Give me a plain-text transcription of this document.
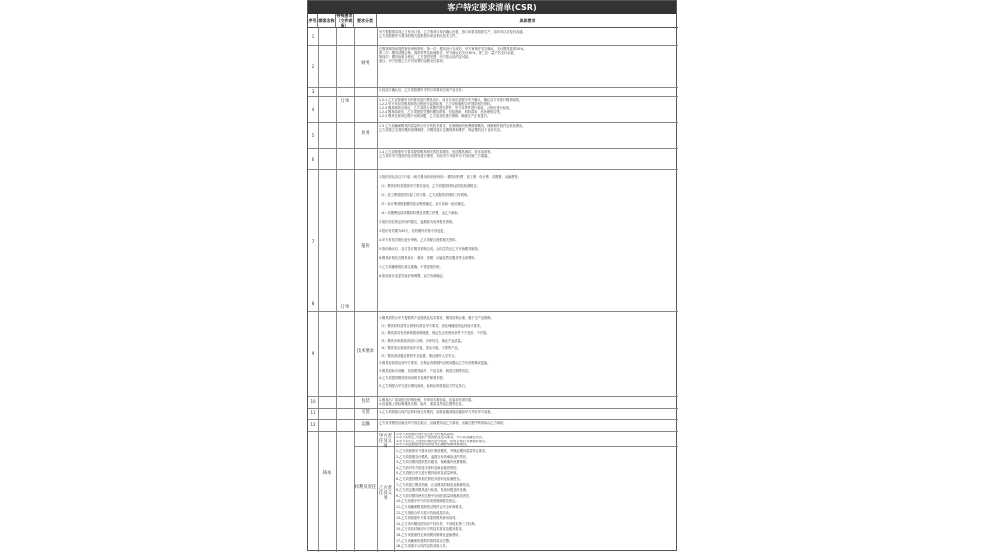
客户特定要求清单(CSR)
序号 顾客名称
特殊要求（文件或条）
要求分类	具体要求
1
2
3
4
5
6
7
8
9
10
11
12
订单
财务
业务
报价
订单
技术要求
包装
交货
运输
铸本
权利及责任
甲方责任及义务
乙方责任及义务
甲方根据需求向乙方发出订单，乙方收到订单后确认回复，按订单要求组织生产，如有异议应及时沟通。
乙方须按照甲方要求的格式提供报价单及相关技术文件。
在模具制造前提供报价审核资料，第一次：模具设计完成后，甲方审核并签字确认，支付模具款的30%。
第二次：模具试模合格，提供样件及检测报告，甲方确认后支付30%。第三次：量产后支付余款。
第四次：模具验收合格后，乙方提供发票，甲方按合同约定付款。
备注：甲方依据乙方开具发票的金额支付款项。
1.经双方确认后，乙方须按照甲方的订单要求完成产品交付。
1.2.1 乙方应按照甲方的要求进行模具设计，设计完成后须提交甲方确认，确认后方可进行模具制造。
1.2.2 甲方有权对模具制造过程进行监督检查，乙方应积极配合并提供相关资料。
1.2.3 模具制造完成后，乙方须进行试模并提交样件，甲方对样件进行检验，合格后进行验收。
1.2.4 模具验收后，乙方须提供完整的模具资料，包括图纸、材料清单、热处理报告等。
1.2.5 模具在使用过程中出现问题，乙方须及时进行维修，确保生产正常进行。
1.3 乙方须确保模具的质量符合甲方的技术要求，在保修期内免费维修模具，保修期外按约定收取费用。
乙方须建立完善的模具管理制度，对模具进行定期保养和维护，保证模具处于良好状态。
1.4 乙方须按照甲方要求提供模具相关的技术服务，包括模具调试、技术培训等。
乙方须对甲方提供的技术资料进行保密，未经甲方书面许可不得向第三方泄露。
1.报价须包含以下内容（相关费用须单独列明）：模具材料费、加工费、设计费、试模费、运输费等。
（1）模具材料须按照甲方要求选用，乙方须提供材料证明及检测报告。
（2）加工费须按照实际工时计算，乙方须提供详细的工时明细。
（3）设计费须根据模具复杂程度确定，双方协商一致后确定。
（4）试模费包括试模材料费及试模工时费，由乙方承担。
2.报价须在规定时间内提交，逾期视为放弃报价资格。
3.报价有效期为90天，有效期内价格不得变更。
4.甲方有权对报价进行审核，乙方须配合提供相关资料。
5.报价确认后，双方签订模具采购合同，合同生效后乙方开始模具制造。
6.模具价格包含模具设计、制造、试模、运输及售后服务等全部费用。
7.乙方须确保报价真实准确，不得虚报价格。
8.如因设计变更导致价格调整，双方协商确定。
1.模具须符合甲方提供的产品图纸及技术要求，模具结构合理，便于生产及维修。
（1）模具材料须符合国家标准及甲方要求，热处理硬度须达到设计要求。
（2）模具须具有足够的强度和刚度，保证在正常使用条件下不变形、不开裂。
（3）模具冷却系统须设计合理，冷却均匀，保证产品质量。
（4）模具顶出系统须动作可靠，顶出平稳，不损伤产品。
（5）模具须设置必要的安全装置，保证操作人员安全。
2.模具寿命须达到甲方要求，在保证寿命期内出现问题由乙方负责维修或更换。
3.模具须标识清晰，包括模具编号、产品名称、制造日期等信息。
4.乙方须提供模具使用说明书及维护保养手册。
5.乙方须配合甲方进行模具验收，验收标准按照双方约定执行。
1.模具出厂前须进行防锈处理，并采用木箱包装，包装须牢固可靠。
2.包装箱上须标明模具名称、编号、重量及吊装位置等信息。
1.乙方须按照合同约定的时间交付模具，如需延期须提前通知甲方并经甲方同意。
乙方负责模具运输至甲方指定地点，运输费用由乙方承担，运输过程中的风险由乙方承担。
1.甲方须按照合同约定及时支付模具款项。
2.甲方须向乙方提供产品图纸及技术要求，并对其准确性负责。
3.甲方须对乙方提供的模具进行验收，验收合格后签署验收报告。
4.甲方须按照模具使用说明书正确使用和保养模具。
1.乙方须按照甲方要求设计制造模具，并保证模具质量符合要求。
2.乙方须按期交付模具，逾期交付须承担违约责任。
3.乙方须对模具提供售后服务，保修期内免费维修。
4.乙方须对甲方的技术资料及商业秘密保密。
5.乙方须配合甲方进行模具验收及质量审核。
6.乙方须提供模具相关的技术资料及检测报告。
7.乙方须建立模具档案，记录模具的制造及维修信息。
8.乙方须定期对模具进行检查，发现问题及时处理。
9.乙方须对模具使用过程中出现的质量问题承担责任。
10.乙方须遵守甲方的各项管理制度及规定。
11.乙方须确保模具制造过程符合安全环保要求。
12.乙方须配合甲方进行持续改进活动。
13.乙方须按照甲方要求提供模具使用培训。
14.乙方须对模具的知识产权负责，不得侵犯第三方权利。
15.乙方须及时响应甲方的技术需求及服务要求。
16.乙方须按照约定承担模具维修及更换费用。
17.乙方须确保所提供的资料真实完整。
18.乙方须遵守合同约定的其他义务。
